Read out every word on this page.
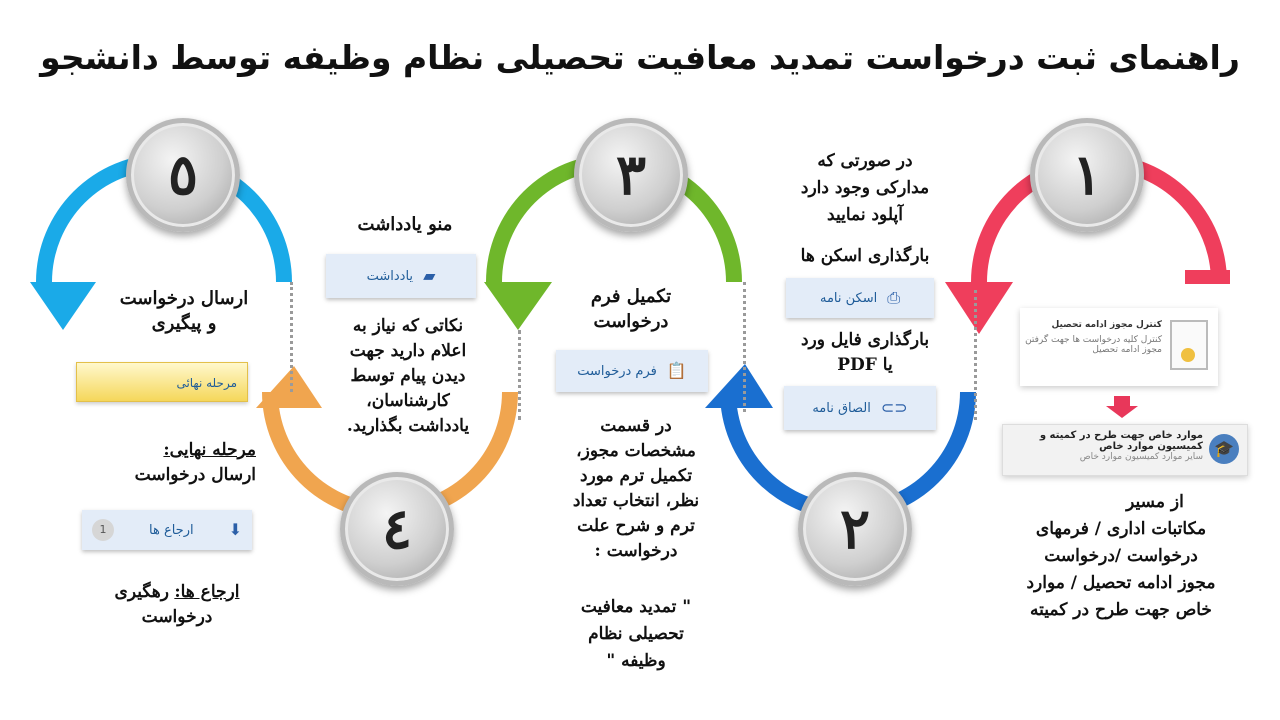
راهنمای ثبت درخواست تمدید معافیت تحصیلی نظام وظیفه توسط دانشجو
١
٢
٣
٤
٥
کنترل مجوز ادامه تحصیل
کنترل کلیه درخواست ها جهت گرفتن
مجوز ادامه تحصیل
🎓
موارد خاص جهت طرح در کمیته و
کمیسیون موارد خاص
سایر موارد کمیسیون موارد خاص
از مسیر
مکاتبات اداری / فرمهای
درخواست /درخواست
مجوز ادامه تحصیل / موارد
خاص جهت طرح در کمیته
در صورتی که
مدارکی وجود دارد
آپلود نمایید
بارگذاری اسکن ها
⎙
اسکن نامه
بارگذاری فایل ورد
یا PDF
⊂⊃
الصاق نامه
تکمیل فرم
درخواست
📋
فرم درخواست
در قسمت
مشخصات مجوز،
تکمیل ترم مورد
نظر، انتخاب تعداد
ترم و شرح علت
درخواست :
" تمدید معافیت
تحصیلی نظام
وظیفه "
منو یادداشت
▰
یادداشت
نکاتی که نیاز به
اعلام دارید جهت
دیدن پیام توسط
کارشناسان،
یادداشت بگذارید.
ارسال درخواست
و پیگیری
مرحله نهائی
مرحله نهایی:
ارسال درخواست
⬇
ارجاع ها
1
ارجاع ها: رهگیری
درخواست
